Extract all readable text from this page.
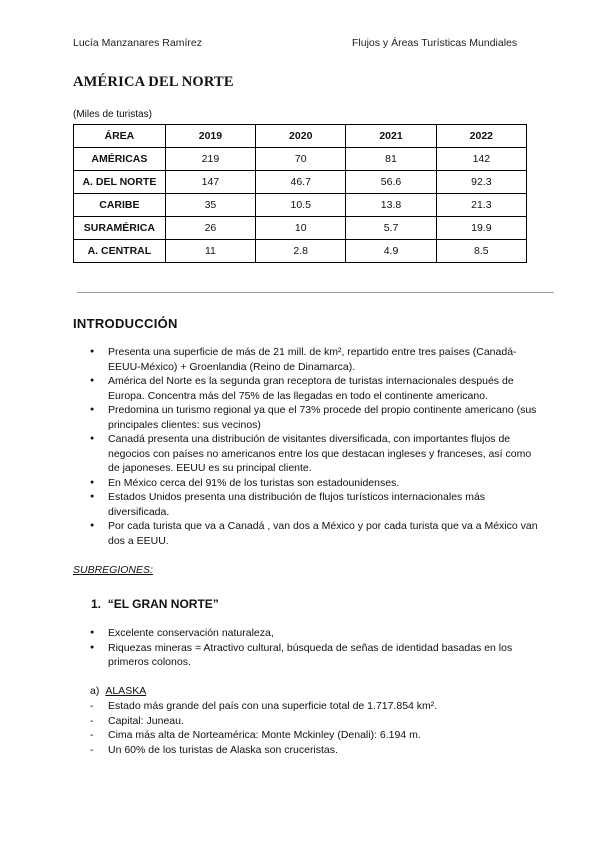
Lucía Manzanares Ramírez	Flujos y Áreas Turísticas Mundiales
AMÉRICA DEL NORTE
(Miles de turistas)
ÁREA	2019	2020	2021	2022
AMÉRICAS	219	70	81	142
A. DEL NORTE	147	46.7	56.6	92.3
CARIBE	35	10.5	13.8	21.3
SURAMÉRICA	26	10	5.7	19.9
A. CENTRAL	11	2.8	4.9	8.5
INTRODUCCIÓN
● Presenta una superficie de más de 21 mill. de km², repartido entre tres países (Canadá-EEUU-México) + Groenlandia (Reino de Dinamarca).
● América del Norte es la segunda gran receptora de turistas internacionales después de Europa. Concentra más del 75% de las llegadas en todo el continente americano.
● Predomina un turismo regional ya que el 73% procede del propio continente americano (sus principales clientes: sus vecinos)
● Canadá presenta una distribución de visitantes diversificada, con importantes flujos de negocios con países no americanos entre los que destacan ingleses y franceses, así como de japoneses. EEUU es su principal cliente.
● En México cerca del 91% de los turistas son estadounidenses.
● Estados Unidos presenta una distribución de flujos turísticos internacionales más diversificada.
● Por cada turista que va a Canadá , van dos a México y por cada turista que va a México van dos a EEUU.
SUBREGIONES:
1. “EL GRAN NORTE”
● Excelente conservación naturaleza,
● Riquezas mineras = Atractivo cultural, búsqueda de señas de identidad basadas en los primeros colonos.
a) ALASKA
- Estado más grande del país con una superficie total de 1.717.854 km².
- Capital: Juneau.
- Cima más alta de Norteamérica: Monte Mckinley (Denali): 6.194 m.
- Un 60% de los turistas de Alaska son cruceristas.
